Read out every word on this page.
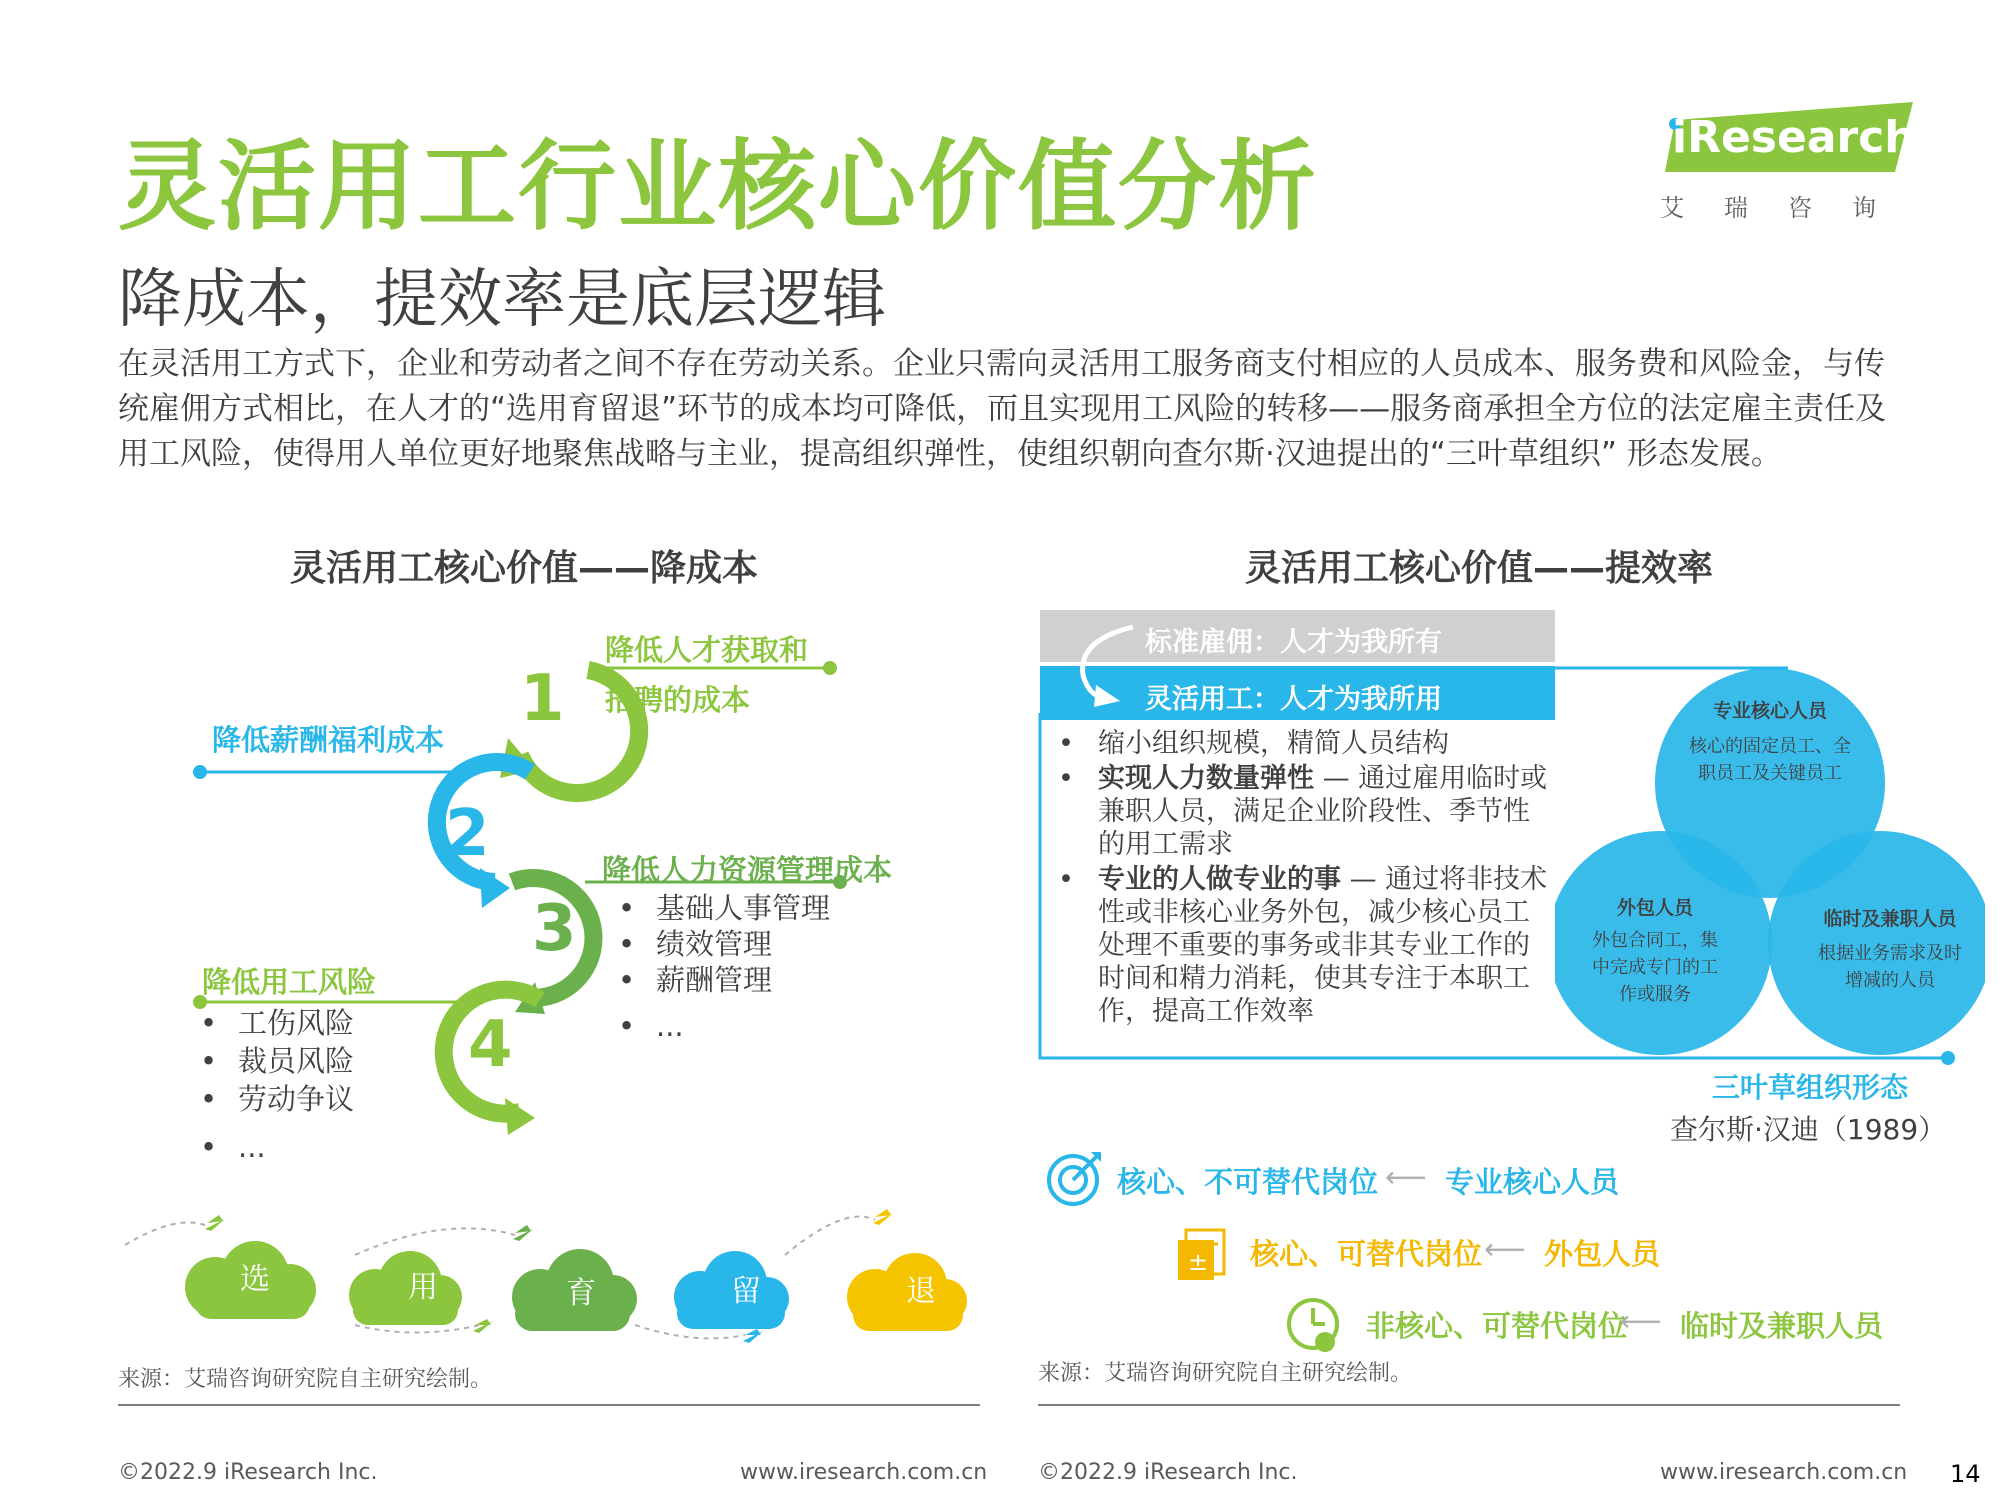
灵活用工行业核心价值分析
降成本，提效率是底层逻辑
在灵活用工方式下，企业和劳动者之间不存在劳动关系。企业只需向灵活用工服务商支付相应的人员成本、服务费和风险金，与传统雇佣方式相比，在人才的“选用育留退”环节的成本均可降低，而且实现用工风险的转移——服务商承担全方位的法定雇主责任及用工风险，使得用人单位更好地聚焦战略与主业，提高组织弹性，使组织朝向查尔斯·汉迪提出的“三叶草组织” 形态发展。
iResearch
艾瑞咨询
灵活用工核心价值——降成本
1
2
3
4
降低人才获取和
招聘的成本
降低薪酬福利成本
降低人力资源管理成本
降低用工风险
• 基础人事管理
• 绩效管理
• 薪酬管理
• ...
• 工伤风险
• 裁员风险
• 劳动争议
• ...
选	用	育	留	退
来源：艾瑞咨询研究院自主研究绘制。
灵活用工核心价值——提效率
标准雇佣：人才为我所有
灵活用工：人才为我所用
• 缩小组织规模，精简人员结构
• 实现人力数量弹性 — 通过雇用临时或兼职人员，满足企业阶段性、季节性的用工需求
• 专业的人做专业的事 — 通过将非技术性或非核心业务外包，减少核心员工处理不重要的事务或非其专业工作的时间和精力消耗，使其专注于本职工作，提高工作效率
专业核心人员
核心的固定员工、全职员工及关键员工
外包人员
外包合同工，集中完成专门的工作或服务
临时及兼职人员
根据业务需求及时增减的人员
三叶草组织形态
查尔斯·汉迪（1989）
核心、不可替代岗位 ⟵ 专业核心人员
± 核心、可替代岗位 ⟵ 外包人员
非核心、可替代岗位
⟵ 临时及兼职人员
来源：艾瑞咨询研究院自主研究绘制。
©2022.9 iResearch Inc.	www.iresearch.com.cn ©2022.9 iResearch Inc.	www.iresearch.com.cn 14
